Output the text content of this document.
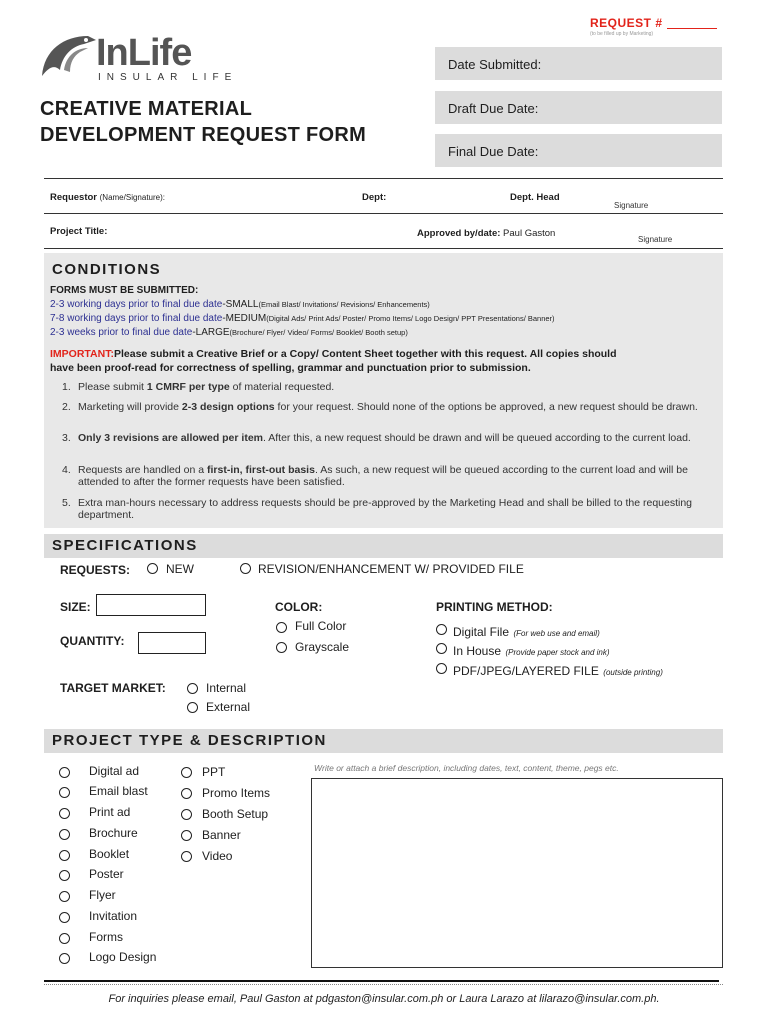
REQUEST #
(to be filled up by Marketing)
InLife
INSULAR LIFE
CREATIVE MATERIAL
DEVELOPMENT REQUEST FORM
Date Submitted:
Draft Due Date:
Final Due Date:
Requestor (Name/Signature):	Dept:	Dept. Head
Signature
Project Title:	Approved by/date: Paul Gaston
Signature
CONDITIONS
FORMS MUST BE SUBMITTED:
2-3 working days prior to final due date-SMALL(Email Blast/ Invitations/ Revisions/ Enhancements)
7-8 working days prior to final due date-MEDIUM(Digital Ads/ Print Ads/ Poster/ Promo Items/ Logo Design/ PPT Presentations/ Banner)
2-3 weeks prior to final due date-LARGE(Brochure/ Flyer/ Video/ Forms/ Booklet/ Booth setup)
IMPORTANT:Please submit a Creative Brief or a Copy/ Content Sheet together with this request. All copies should
have been proof-read for correctness of spelling, grammar and punctuation prior to submission.
1. Please submit 1 CMRF per type of material requested.
2. Marketing will provide 2-3 design options for your request. Should none of the options be approved, a new request should be drawn.
3. Only 3 revisions are allowed per item. After this, a new request should be drawn and will be queued according to the current load.
4. Requests are handled on a first-in, first-out basis. As such, a new request will be queued according to the current load and will be attended to after the former requests have been satisfied.
5. Extra man-hours necessary to address requests should be pre-approved by the Marketing Head and shall be billed to the requesting department.
SPECIFICATIONS
REQUESTS:	NEW	REVISION/ENHANCEMENT W/ PROVIDED FILE
SIZE:
QUANTITY:
COLOR:
Full Color
Grayscale
PRINTING METHOD:
Digital File (For web use and email)
In House (Provide paper stock and ink)
PDF/JPEG/LAYERED FILE (outside printing)
TARGET MARKET:	Internal
External
PROJECT TYPE & DESCRIPTION
Digital ad
Email blast
Print ad
Brochure
Booklet
Poster
Flyer
Invitation
Forms
Logo Design
PPT
Promo Items
Booth Setup
Banner
Video
Write or attach a brief description, including dates, text, content, theme, pegs etc.
For inquiries please email, Paul Gaston at pdgaston@insular.com.ph or Laura Larazo at lilarazo@insular.com.ph.
